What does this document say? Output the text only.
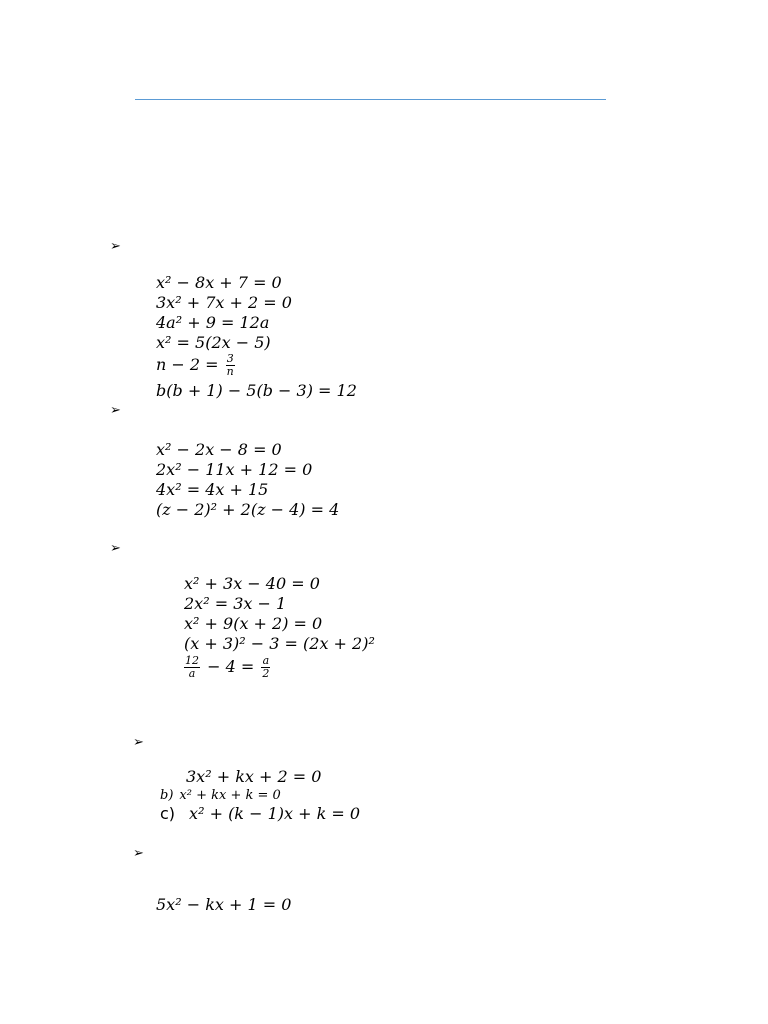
➢
x² − 8x + 7 = 0
3x² + 7x + 2 = 0
4a² + 9 = 12a
x² = 5(2x − 5)
$n - 2 = \frac{3}{n}$
b(b + 1) − 5(b − 3) = 12
➢
x² − 2x − 8 = 0
2x² − 11x + 12 = 0
4x² = 4x + 15
(z − 2)² + 2(z − 4) = 4
➢
x² + 3x − 40 = 0
2x² = 3x − 1
x² + 9(x + 2) = 0
(x + 3)² − 3 = (2x + 2)²
$\frac{12}{a} - 4 = \frac{a}{2}$
➢
3x² + kx + 2 = 0
b) x² + kx + k = 0
c) x² + (k − 1)x + k = 0
➢
5x² − kx + 1 = 0
